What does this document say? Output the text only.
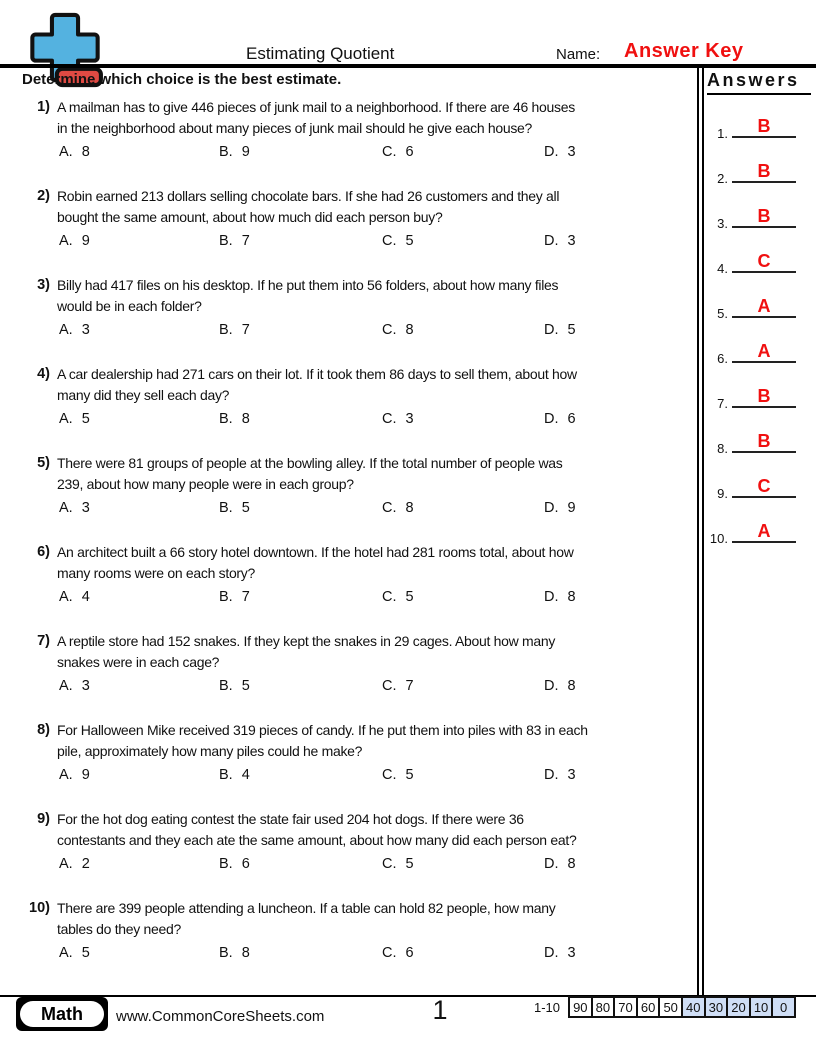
Estimating Quotient	Name: Answer Key
Determine which choice is the best estimate.	Answers
1.	B
2.	B
3.	B
4.	C
5.	A
6.	A
7.	B
8.	B
9.	C
10.	A
1) A mailman has to give 446 pieces of junk mail to a neighborhood. If there are 46 houses
in the neighborhood about many pieces of junk mail should he give each house?
A. 8	B. 9	C. 6	D. 3
2) Robin earned 213 dollars selling chocolate bars. If she had 26 customers and they all
bought the same amount, about how much did each person buy?
A. 9	B. 7	C. 5	D. 3
3) Billy had 417 files on his desktop. If he put them into 56 folders, about how many files
would be in each folder?
A. 3	B. 7	C. 8	D. 5
4) A car dealership had 271 cars on their lot. If it took them 86 days to sell them, about how
many did they sell each day?
A. 5	B. 8	C. 3	D. 6
5) There were 81 groups of people at the bowling alley. If the total number of people was
239, about how many people were in each group?
A. 3	B. 5	C. 8	D. 9
6) An architect built a 66 story hotel downtown. If the hotel had 281 rooms total, about how
many rooms were on each story?
A. 4	B. 7	C. 5	D. 8
7) A reptile store had 152 snakes. If they kept the snakes in 29 cages. About how many
snakes were in each cage?
A. 3	B. 5	C. 7	D. 8
8) For Halloween Mike received 319 pieces of candy. If he put them into piles with 83 in each
pile, approximately how many piles could he make?
A. 9	B. 4	C. 5	D. 3
9) For the hot dog eating contest the state fair used 204 hot dogs. If there were 36
contestants and they each ate the same amount, about how many did each person eat?
A. 2	B. 6	C. 5	D. 8
10) There are 399 people attending a luncheon. If a table can hold 82 people, how many
tables do they need?
A. 5	B. 8	C. 6	D. 3
Math	www.CommonCoreSheets.com	1	1-10	90 80 70 60 50 40 30 20 10 0
